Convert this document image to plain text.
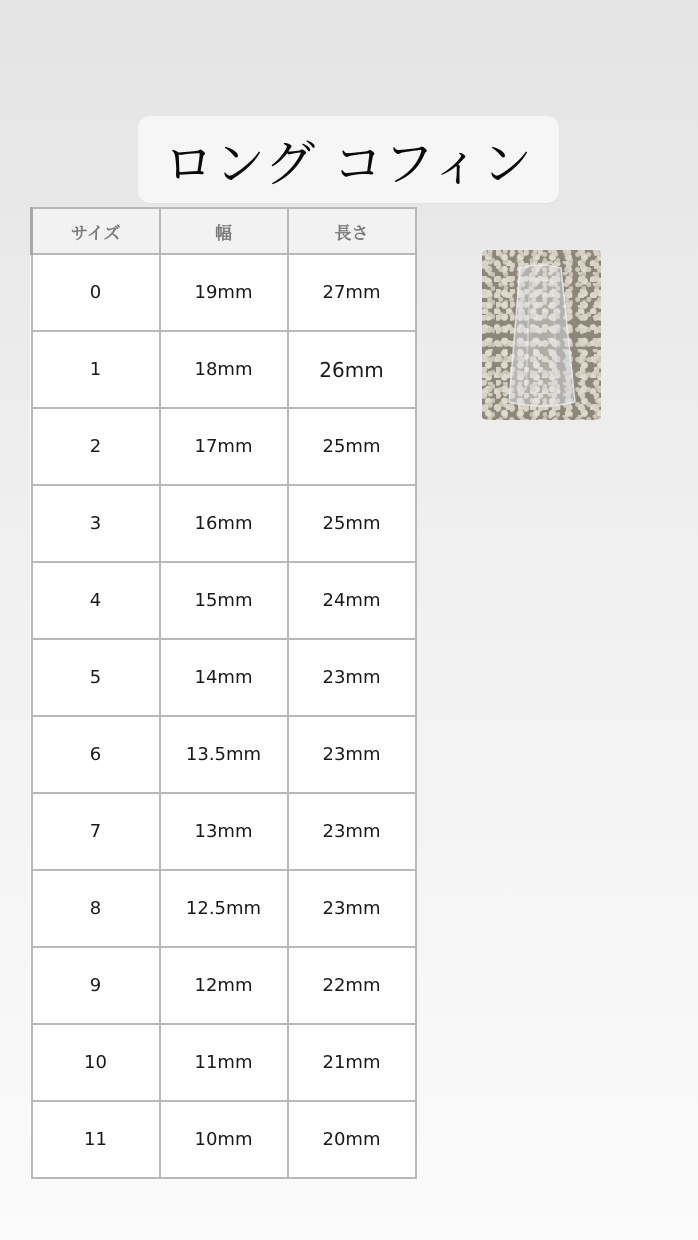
ロング コフィン
サイズ	幅	長さ
0	19mm	27mm
1	18mm	26mm
2	17mm	25mm
3	16mm	25mm
4	15mm	24mm
5	14mm	23mm
6	13.5mm	23mm
7	13mm	23mm
8	12.5mm	23mm
9	12mm	22mm
10	11mm	21mm
11	10mm	20mm
